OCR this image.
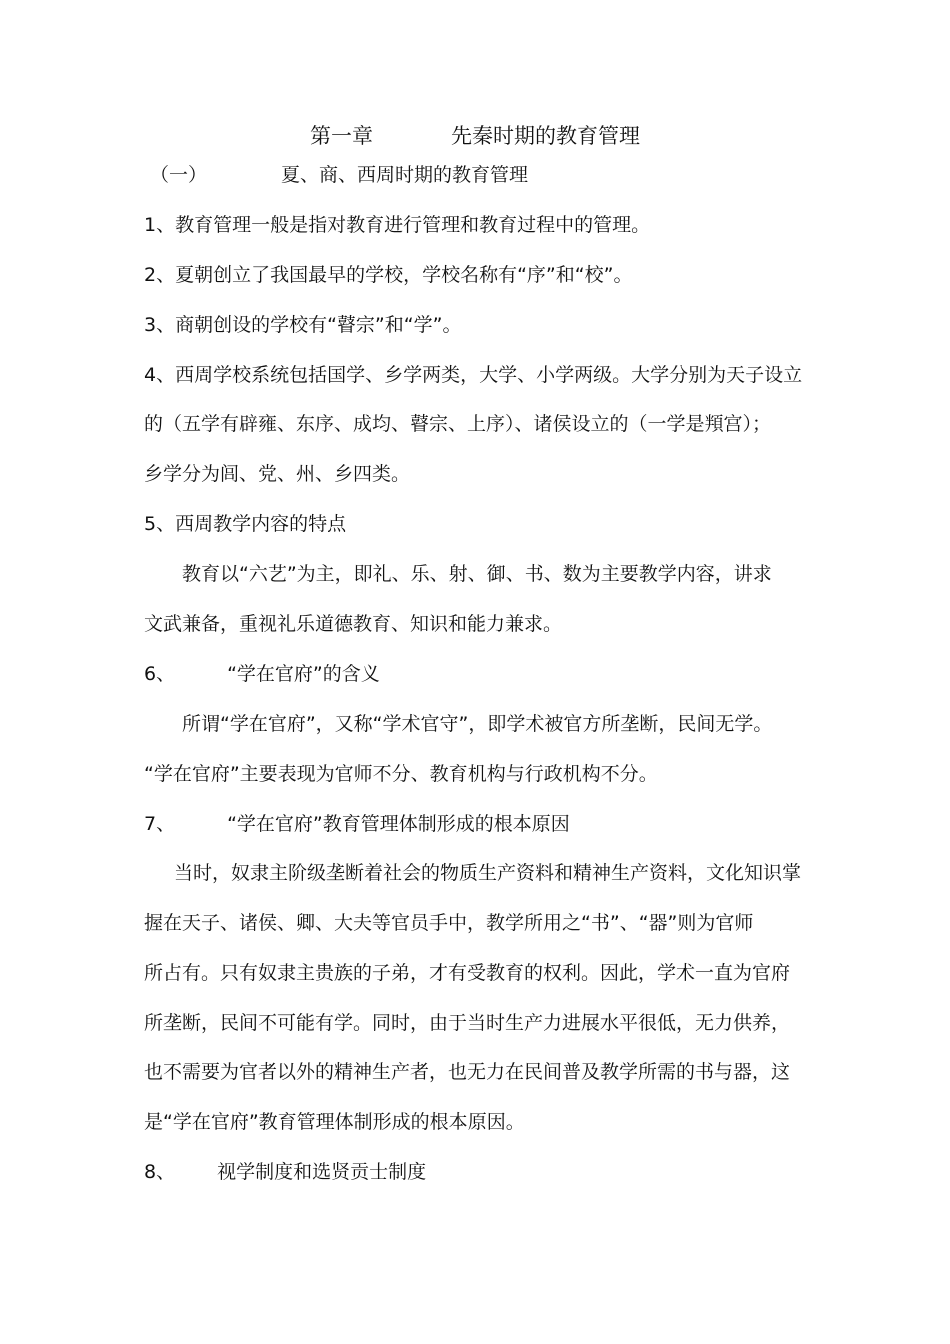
第一章	先秦时期的教育管理
（一）	夏、商、西周时期的教育管理
1、教育管理一般是指对教育进行管理和教育过程中的管理。
2、夏朝创立了我国最早的学校，学校名称有“序”和“校”。
3、商朝创设的学校有“瞽宗”和“学”。
4、西周学校系统包括国学、乡学两类，大学、小学两级。大学分别为天子设立
的（五学有辟雍、东序、成均、瞽宗、上序）、诸侯设立的（一学是頖宫）；
乡学分为闾、党、州、乡四类。
5、西周教学内容的特点
教育以“六艺”为主，即礼、乐、射、御、书、数为主要教学内容，讲求
文武兼备，重视礼乐道德教育、知识和能力兼求。
6、	“学在官府”的含义
所谓“学在官府”，又称“学术官守”，即学术被官方所垄断，民间无学。
“学在官府”主要表现为官师不分、教育机构与行政机构不分。
7、	“学在官府”教育管理体制形成的根本原因
当时，奴隶主阶级垄断着社会的物质生产资料和精神生产资料，文化知识掌
握在天子、诸侯、卿、大夫等官员手中，教学所用之“书”、“器”则为官师
所占有。只有奴隶主贵族的子弟，才有受教育的权利。因此，学术一直为官府
所垄断，民间不可能有学。同时，由于当时生产力进展水平很低，无力供养，
也不需要为官者以外的精神生产者，也无力在民间普及教学所需的书与器，这
是“学在官府”教育管理体制形成的根本原因。
8、 视学制度和选贤贡士制度
